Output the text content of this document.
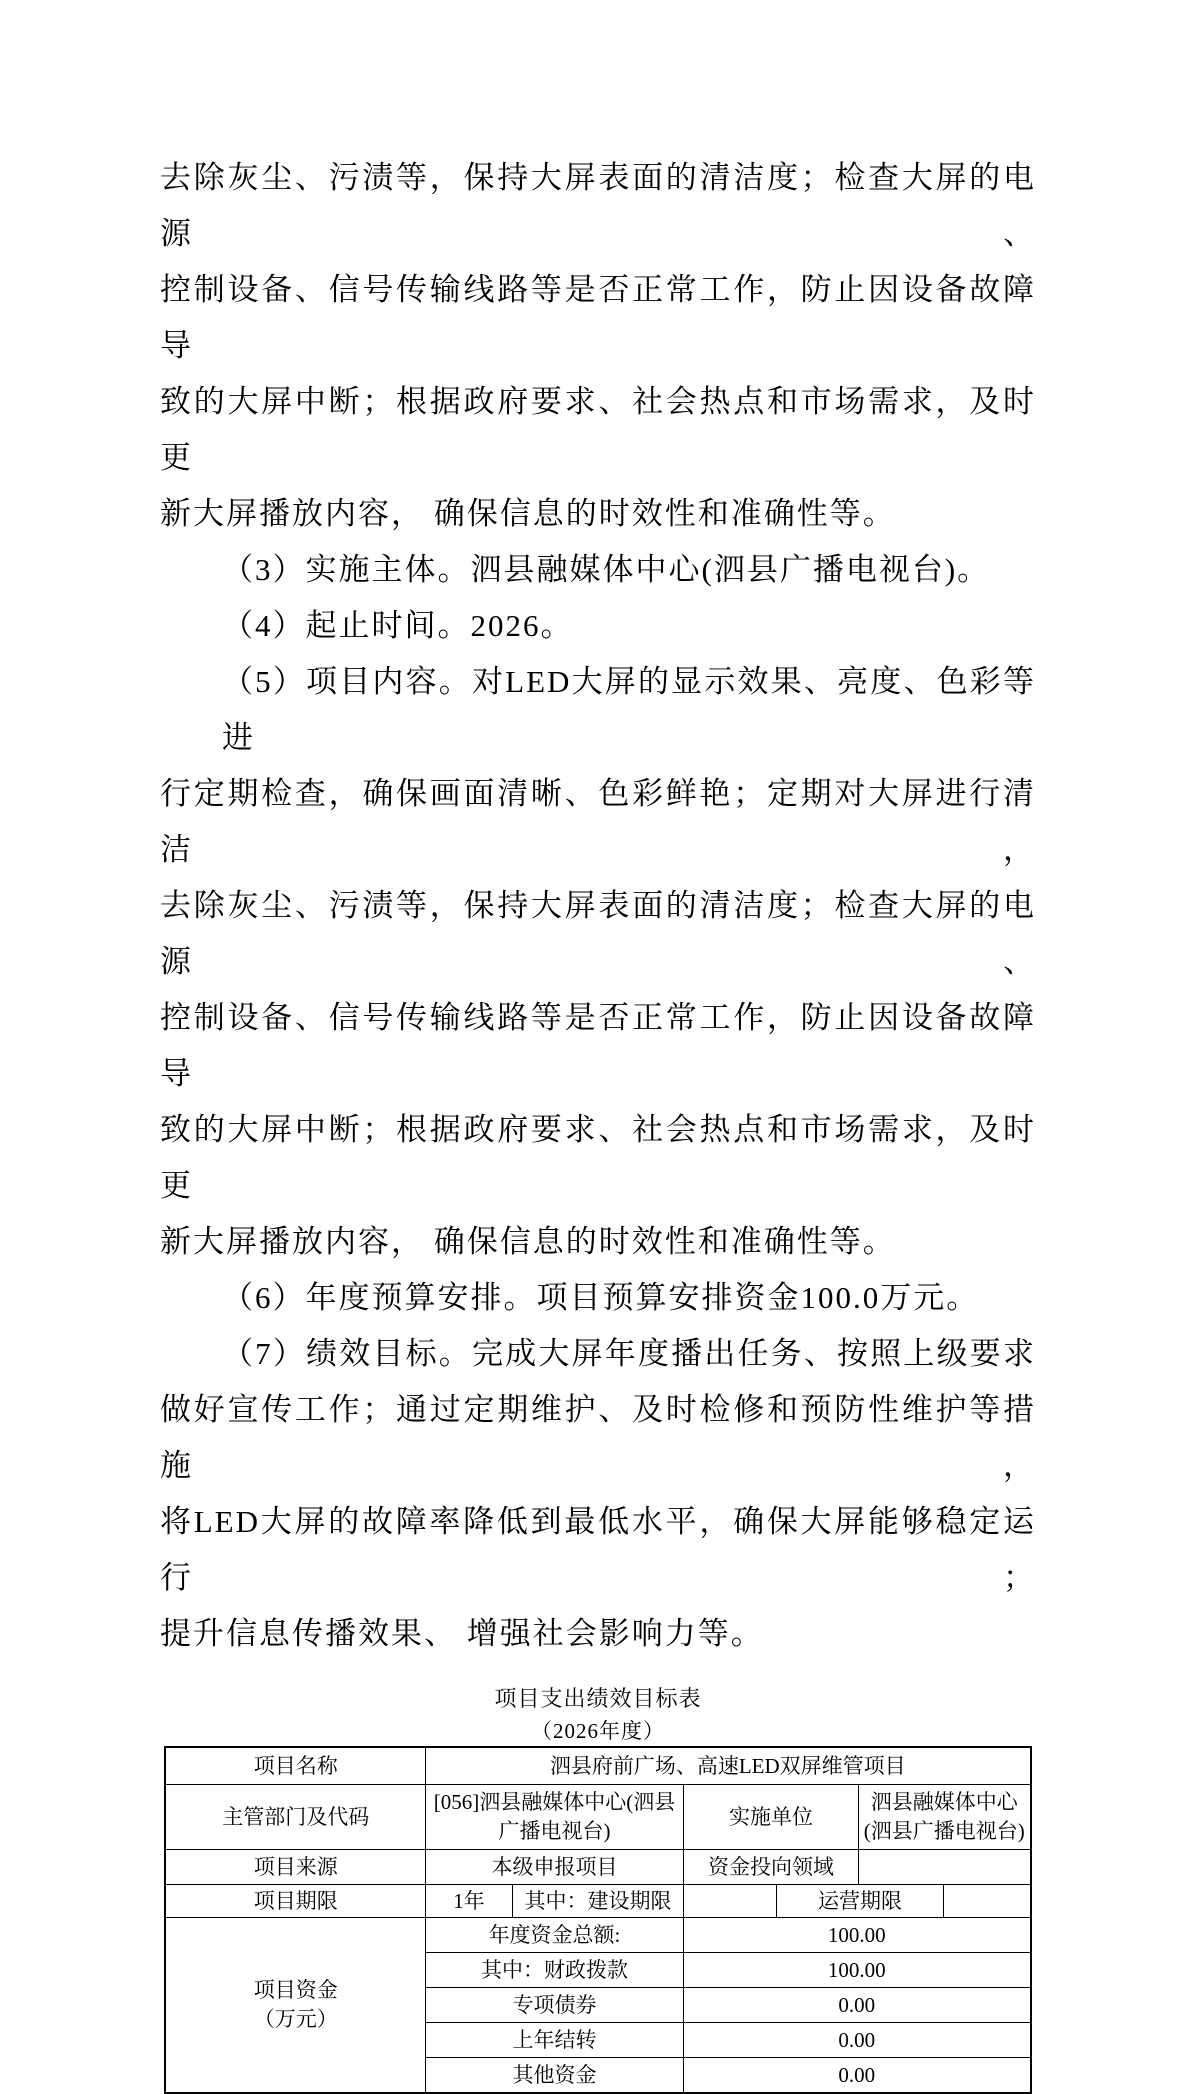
去除灰尘、污渍等，保持大屏表面的清洁度；检查大屏的电源、
控制设备、信号传输线路等是否正常工作，防止因设备故障导
致的大屏中断；根据政府要求、社会热点和市场需求，及时更
新大屏播放内容， 确保信息的时效性和准确性等。
（3）实施主体。泗县融媒体中心(泗县广播电视台)。
（4）起止时间。2026。
（5）项目内容。对LED大屏的显示效果、亮度、色彩等进
行定期检查，确保画面清晰、色彩鲜艳；定期对大屏进行清洁，
去除灰尘、污渍等，保持大屏表面的清洁度；检查大屏的电源、
控制设备、信号传输线路等是否正常工作，防止因设备故障导
致的大屏中断；根据政府要求、社会热点和市场需求，及时更
新大屏播放内容， 确保信息的时效性和准确性等。
（6）年度预算安排。项目预算安排资金100.0万元。
（7）绩效目标。完成大屏年度播出任务、按照上级要求
做好宣传工作；通过定期维护、及时检修和预防性维护等措施，
将LED大屏的故障率降低到最低水平，确保大屏能够稳定运行；
提升信息传播效果、 增强社会影响力等。
项目支出绩效目标表
（2026年度）
项目名称	泗县府前广场、高速LED双屏维管项目					
主管部门及代码	[056]泗县融媒体中心(泗县
广播电视台)		实施单位		泗县融媒体中心
(泗县广播电视台)	
项目来源	本级申报项目		资金投向领域			
项目期限	1年	其中：建设期限		运营期限		
项目资金
（万元）	年度资金总额:		100.00			
	其中：财政拨款		100.00			
	专项债券		0.00			
	上年结转		0.00			
	其他资金		0.00			
